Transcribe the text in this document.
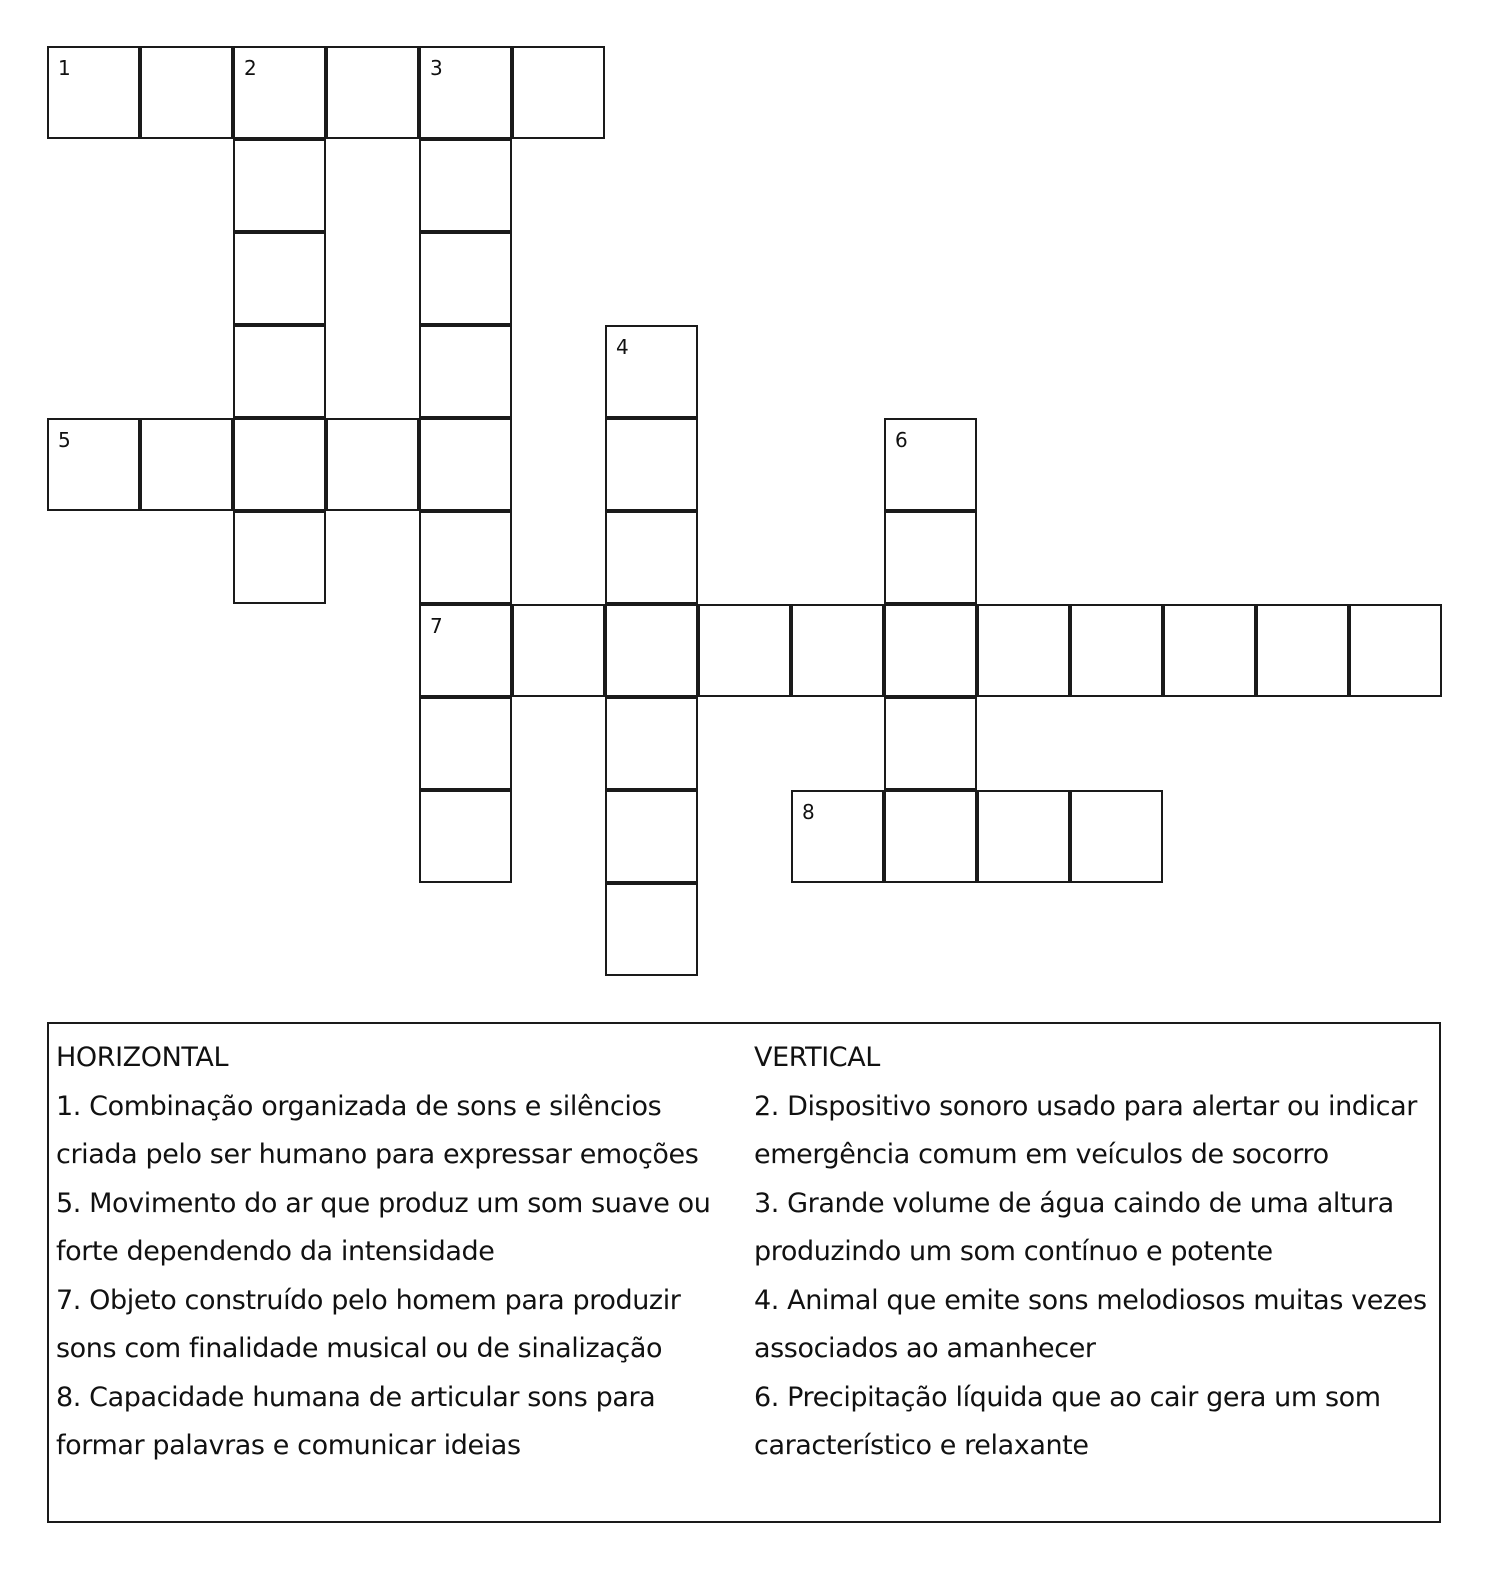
1	2	3
4
5	6
7
8
HORIZONTAL
1. Combinação organizada de sons e silêncios
criada pelo ser humano para expressar emoções
5. Movimento do ar que produz um som suave ou
forte dependendo da intensidade
7. Objeto construído pelo homem para produzir
sons com finalidade musical ou de sinalização
8. Capacidade humana de articular sons para
formar palavras e comunicar ideias
VERTICAL
2. Dispositivo sonoro usado para alertar ou indicar
emergência comum em veículos de socorro
3. Grande volume de água caindo de uma altura
produzindo um som contínuo e potente
4. Animal que emite sons melodiosos muitas vezes
associados ao amanhecer
6. Precipitação líquida que ao cair gera um som
característico e relaxante
